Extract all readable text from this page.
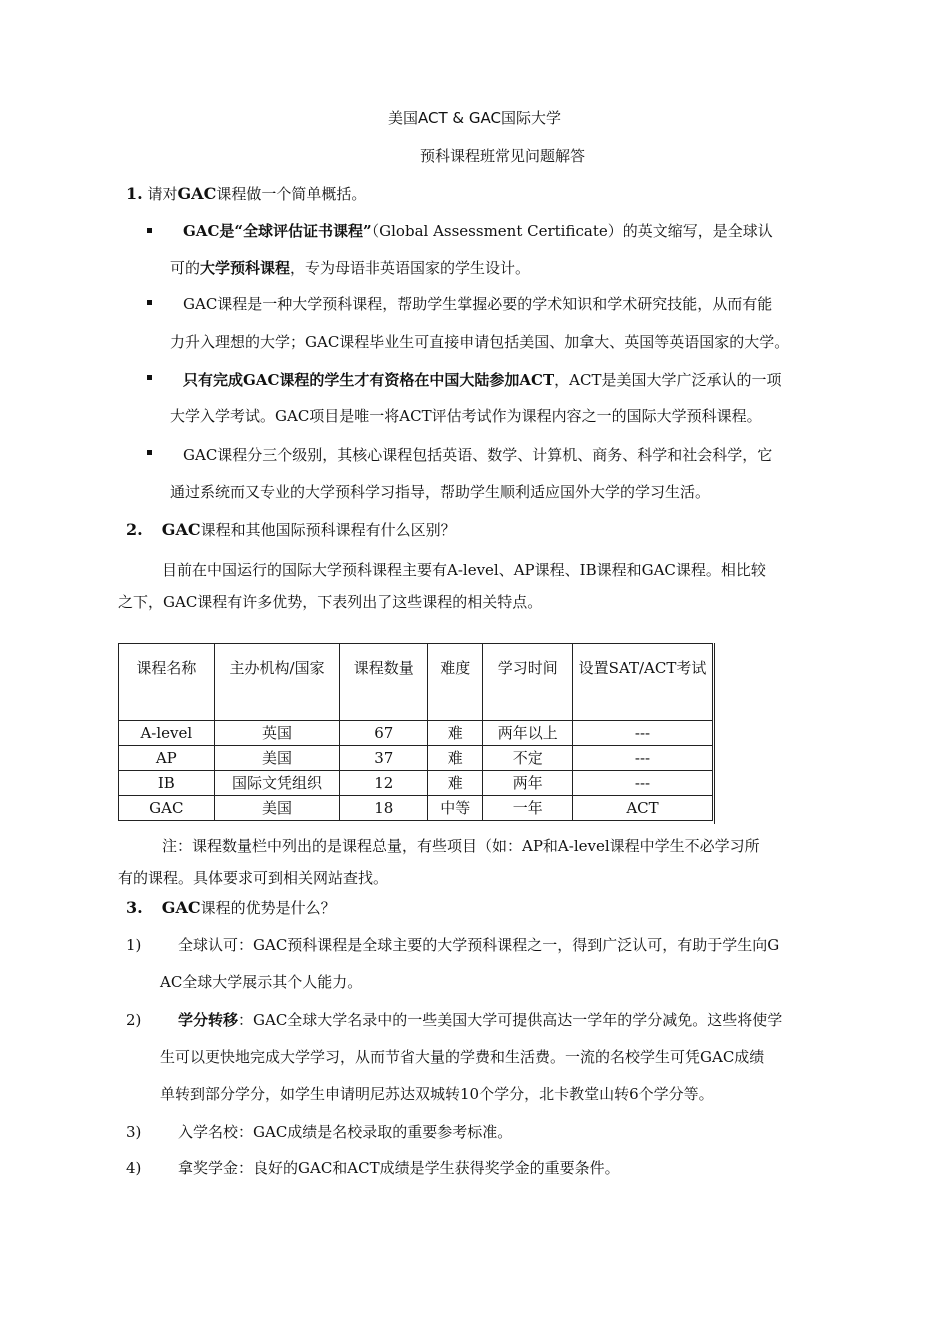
美国ACT & GAC国际大学
预科课程班常见问题解答
1. 请对GAC课程做一个简单概括。
GAC是“全球评估证书课程”（Global Assessment Certificate）的英文缩写，是全球认
可的大学预科课程，专为母语非英语国家的学生设计。
GAC课程是一种大学预科课程，帮助学生掌握必要的学术知识和学术研究技能，从而有能
力升入理想的大学；GAC课程毕业生可直接申请包括美国、加拿大、英国等英语国家的大学。
只有完成GAC课程的学生才有资格在中国大陆参加ACT，ACT是美国大学广泛承认的一项
大学入学考试。GAC项目是唯一将ACT评估考试作为课程内容之一的国际大学预科课程。
GAC课程分三个级别，其核心课程包括英语、数学、计算机、商务、科学和社会科学，它
通过系统而又专业的大学预科学习指导，帮助学生顺利适应国外大学的学习生活。
2. GAC课程和其他国际预科课程有什么区别？
目前在中国运行的国际大学预科课程主要有A-level、AP课程、IB课程和GAC课程。相比较
之下，GAC课程有许多优势，下表列出了这些课程的相关特点。
课程名称	主办机构/国家	课程数量	难度	学习时间	设置SAT/ACT考试
A-level	英国	67	难	两年以上	---
AP	美国	37	难	不定	---
IB	国际文凭组织	12	难	两年	---
GAC	美国	18	中等	一年	ACT
注：课程数量栏中列出的是课程总量，有些项目（如：AP和A-level课程中学生不必学习所
有的课程。具体要求可到相关网站查找。
3. GAC课程的优势是什么？
1) 全球认可：GAC预科课程是全球主要的大学预科课程之一，得到广泛认可，有助于学生向G
AC全球大学展示其个人能力。
2) 学分转移：GAC全球大学名录中的一些美国大学可提供高达一学年的学分减免。这些将使学
生可以更快地完成大学学习，从而节省大量的学费和生活费。一流的名校学生可凭GAC成绩
单转到部分学分，如学生申请明尼苏达双城转10个学分，北卡教堂山转6个学分等。
3) 入学名校：GAC成绩是名校录取的重要参考标准。
4) 拿奖学金：良好的GAC和ACT成绩是学生获得奖学金的重要条件。
